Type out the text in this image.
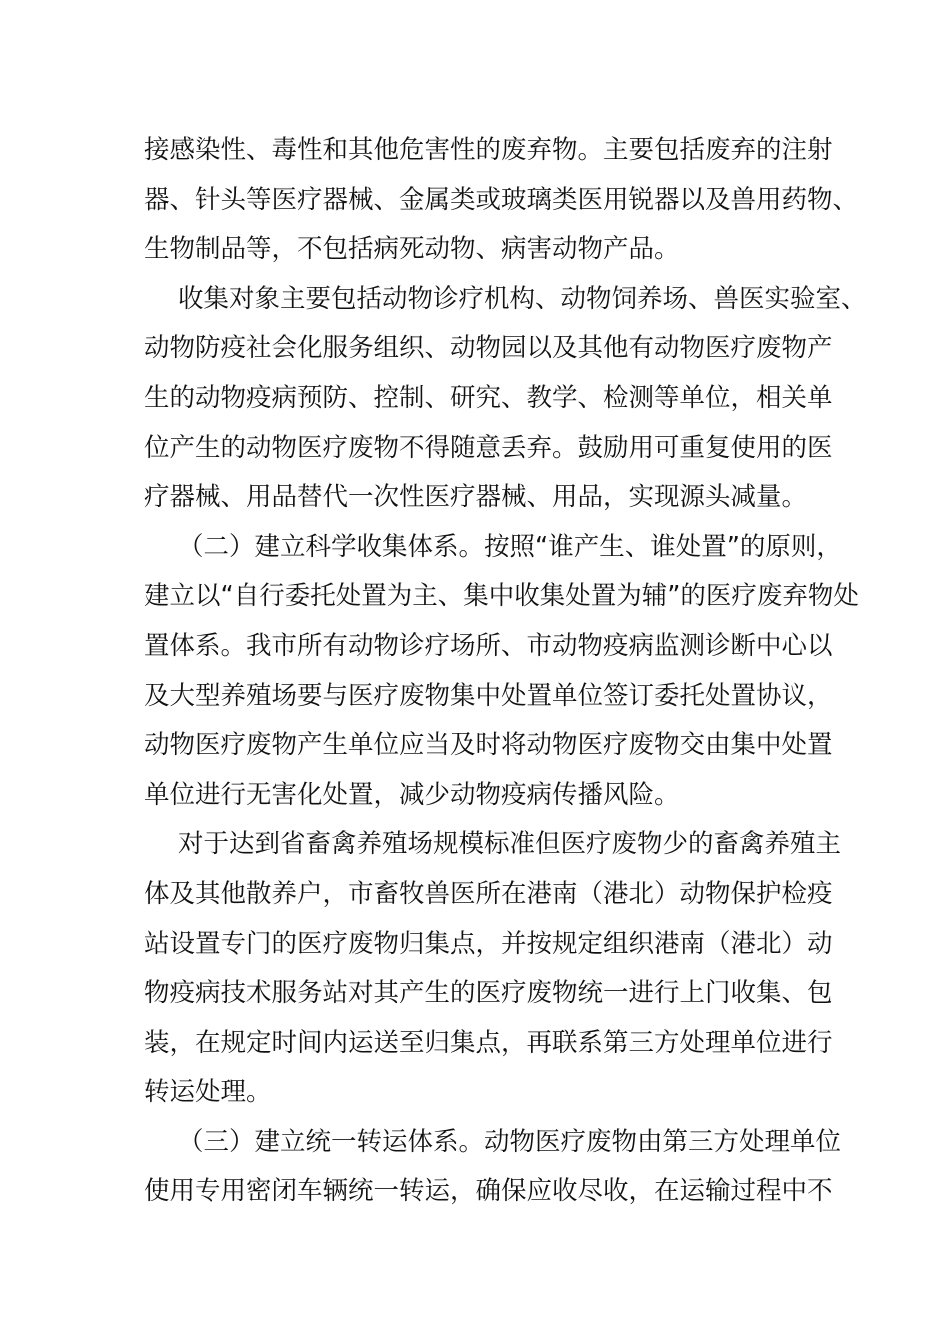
接感染性、毒性和其他危害性的废弃物。主要包括废弃的注射
器、针头等医疗器械、金属类或玻璃类医用锐器以及兽用药物、
生物制品等，不包括病死动物、病害动物产品。
收集对象主要包括动物诊疗机构、动物饲养场、兽医实验室、
动物防疫社会化服务组织、动物园以及其他有动物医疗废物产
生的动物疫病预防、控制、研究、教学、检测等单位，相关单
位产生的动物医疗废物不得随意丢弃。鼓励用可重复使用的医
疗器械、用品替代一次性医疗器械、用品，实现源头减量。
（二）建立科学收集体系。按照“谁产生、谁处置”的原则，
建立以“自行委托处置为主、集中收集处置为辅”的医疗废弃物处
置体系。我市所有动物诊疗场所、市动物疫病监测诊断中心以
及大型养殖场要与医疗废物集中处置单位签订委托处置协议，
动物医疗废物产生单位应当及时将动物医疗废物交由集中处置
单位进行无害化处置，减少动物疫病传播风险。
对于达到省畜禽养殖场规模标准但医疗废物少的畜禽养殖主
体及其他散养户，市畜牧兽医所在港南（港北）动物保护检疫
站设置专门的医疗废物归集点，并按规定组织港南（港北）动
物疫病技术服务站对其产生的医疗废物统一进行上门收集、包
装，在规定时间内运送至归集点，再联系第三方处理单位进行
转运处理。
（三）建立统一转运体系。动物医疗废物由第三方处理单位
使用专用密闭车辆统一转运，确保应收尽收，在运输过程中不
